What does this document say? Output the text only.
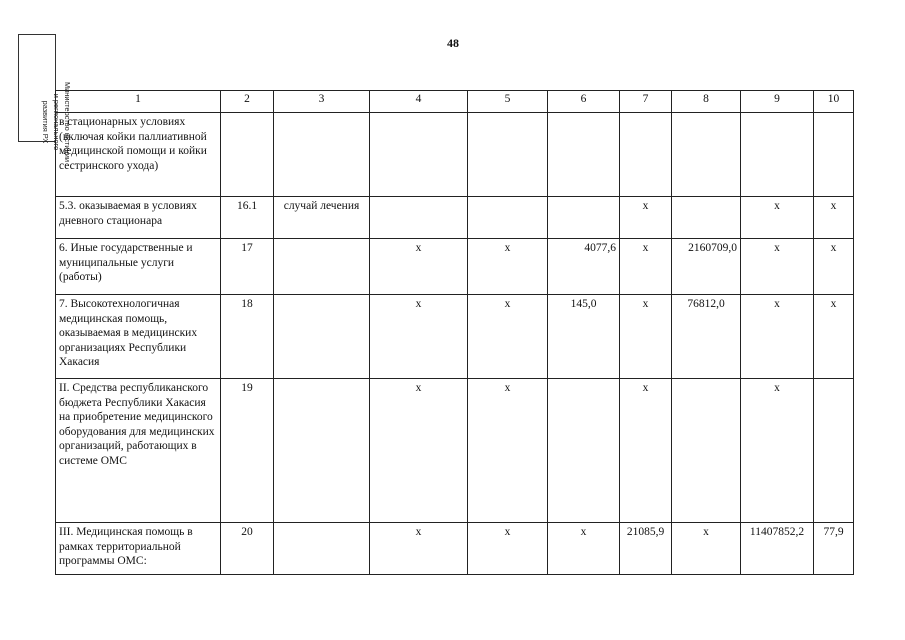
48
Министерство юстиции
и регионального
развития РХ
1	2	3	4	5	6	7	8	9	10
в стационарных условиях (включая койки паллиативной медицинской помощи и койки сестринского ухода)									
5.3. оказываемая в условиях дневного стационара	16.1	случай лечения				x		x	x
6. Иные государственные и муниципальные услуги (работы)	17		x	x	4077,6	x	2160709,0	x	x
7. Высокотехнологичная медицинская помощь, оказываемая в медицинских организациях Республики Хакасия	18		x	x	145,0	x	76812,0	x	x
II. Средства республиканского бюджета Республики Хакасия на приобретение медицинского оборудования для медицинских организаций, работающих в системе ОМС	19		x	x		x		x	
III. Медицинская помощь в рамках территориальной программы ОМС:	20		x	x	x	21085,9	x	11407852,2	77,9
